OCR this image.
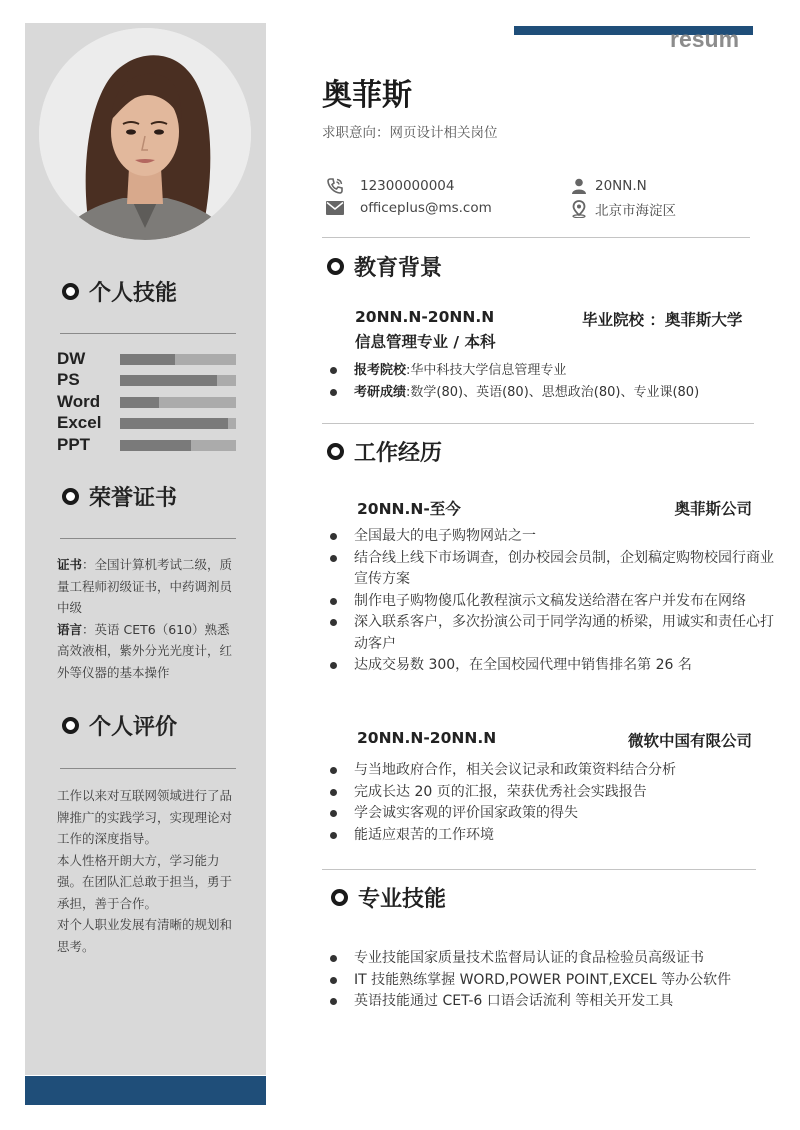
个人技能
DW
PS
Word
Excel
PPT
荣誉证书
证书：全国计算机考试二级，质量工程师初级证书，中药调剂员中级
语言：英语 CET6（610）熟悉高效液相，紫外分光光度计，红外等仪器的基本操作
个人评价
工作以来对互联网领域进行了品牌推广的实践学习，实现理论对工作的深度指导。
本人性格开朗大方，学习能力强。在团队汇总敢于担当，勇于承担，善于合作。
对个人职业发展有清晰的规划和思考。
resum
奥菲斯
求职意向：网页设计相关岗位
12300000004
officeplus@ms.com
20NN.N
北京市海淀区
教育背景
20NN.N-20NN.N	毕业院校 ：奥菲斯大学
信息管理专业 / 本科
报考院校:华中科技大学信息管理专业
考研成绩:数学(80)、英语(80)、思想政治(80)、专业课(80)
工作经历
20NN.N-至今	奥菲斯公司
全国最大的电子购物网站之一
结合线上线下市场调查，创办校园会员制，企划稿定购物校园行商业宣传方案
制作电子购物傻瓜化教程演示文稿发送给潜在客户并发布在网络
深入联系客户，多次扮演公司于同学沟通的桥梁，用诚实和责任心打动客户
达成交易数 300，在全国校园代理中销售排名第 26 名
20NN.N-20NN.N	微软中国有限公司
与当地政府合作，相关会议记录和政策资料结合分析
完成长达 20 页的汇报，荣获优秀社会实践报告
学会诚实客观的评价国家政策的得失
能适应艰苦的工作环境
专业技能
专业技能国家质量技术监督局认证的食品检验员高级证书
IT 技能熟练掌握 WORD,POWER POINT,EXCEL 等办公软件
英语技能通过 CET-6 口语会话流利 等相关开发工具
